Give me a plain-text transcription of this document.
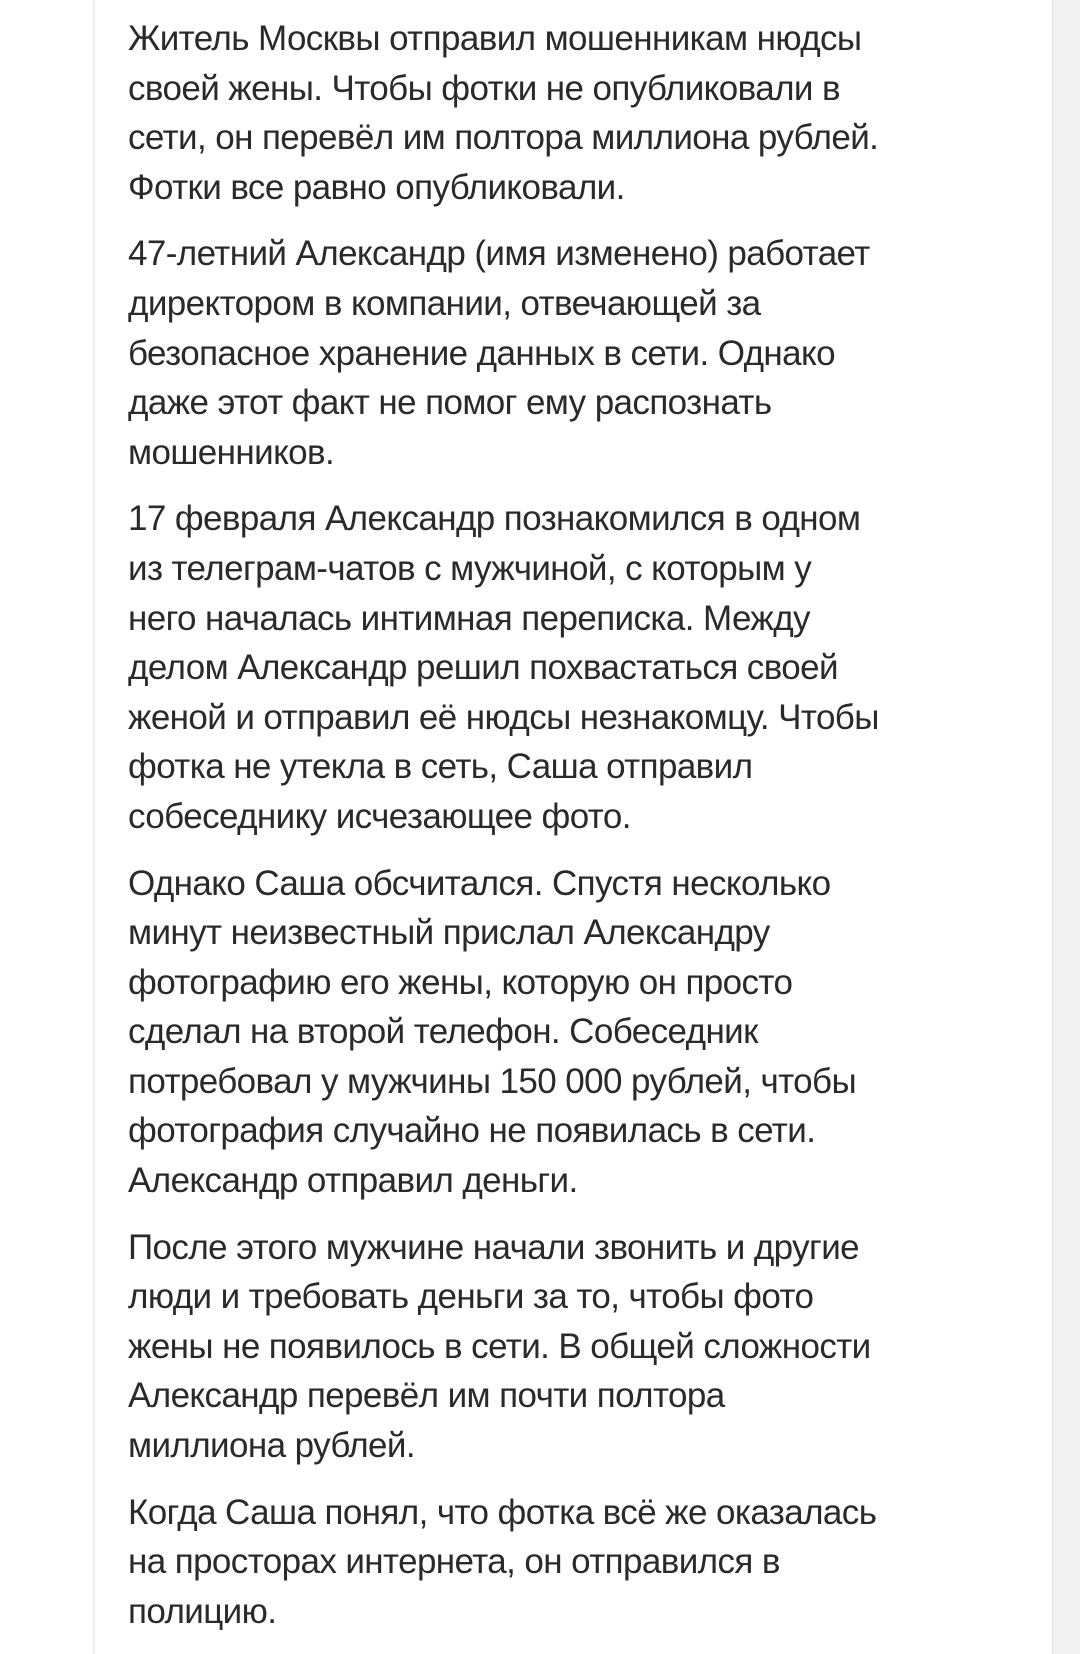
Житель Москвы отправил мошенникам нюдсы
своей жены. Чтобы фотки не опубликовали в
сети, он перевёл им полтора миллиона рублей.
Фотки все равно опубликовали.

47-летний Александр (имя изменено) работает
директором в компании, отвечающей за
безопасное хранение данных в сети. Однако
даже этот факт не помог ему распознать
мошенников.

17 февраля Александр познакомился в одном
из телеграм-чатов с мужчиной, с которым у
него началась интимная переписка. Между
делом Александр решил похвастаться своей
женой и отправил её нюдсы незнакомцу. Чтобы
фотка не утекла в сеть, Саша отправил
собеседнику исчезающее фото.

Однако Саша обсчитался. Спустя несколько
минут неизвестный прислал Александру
фотографию его жены, которую он просто
сделал на второй телефон. Собеседник
потребовал у мужчины 150 000 рублей, чтобы
фотография случайно не появилась в сети.
Александр отправил деньги.

После этого мужчине начали звонить и другие
люди и требовать деньги за то, чтобы фото
жены не появилось в сети. В общей сложности
Александр перевёл им почти полтора
миллиона рублей.

Когда Саша понял, что фотка всё же оказалась
на просторах интернета, он отправился в
полицию.
